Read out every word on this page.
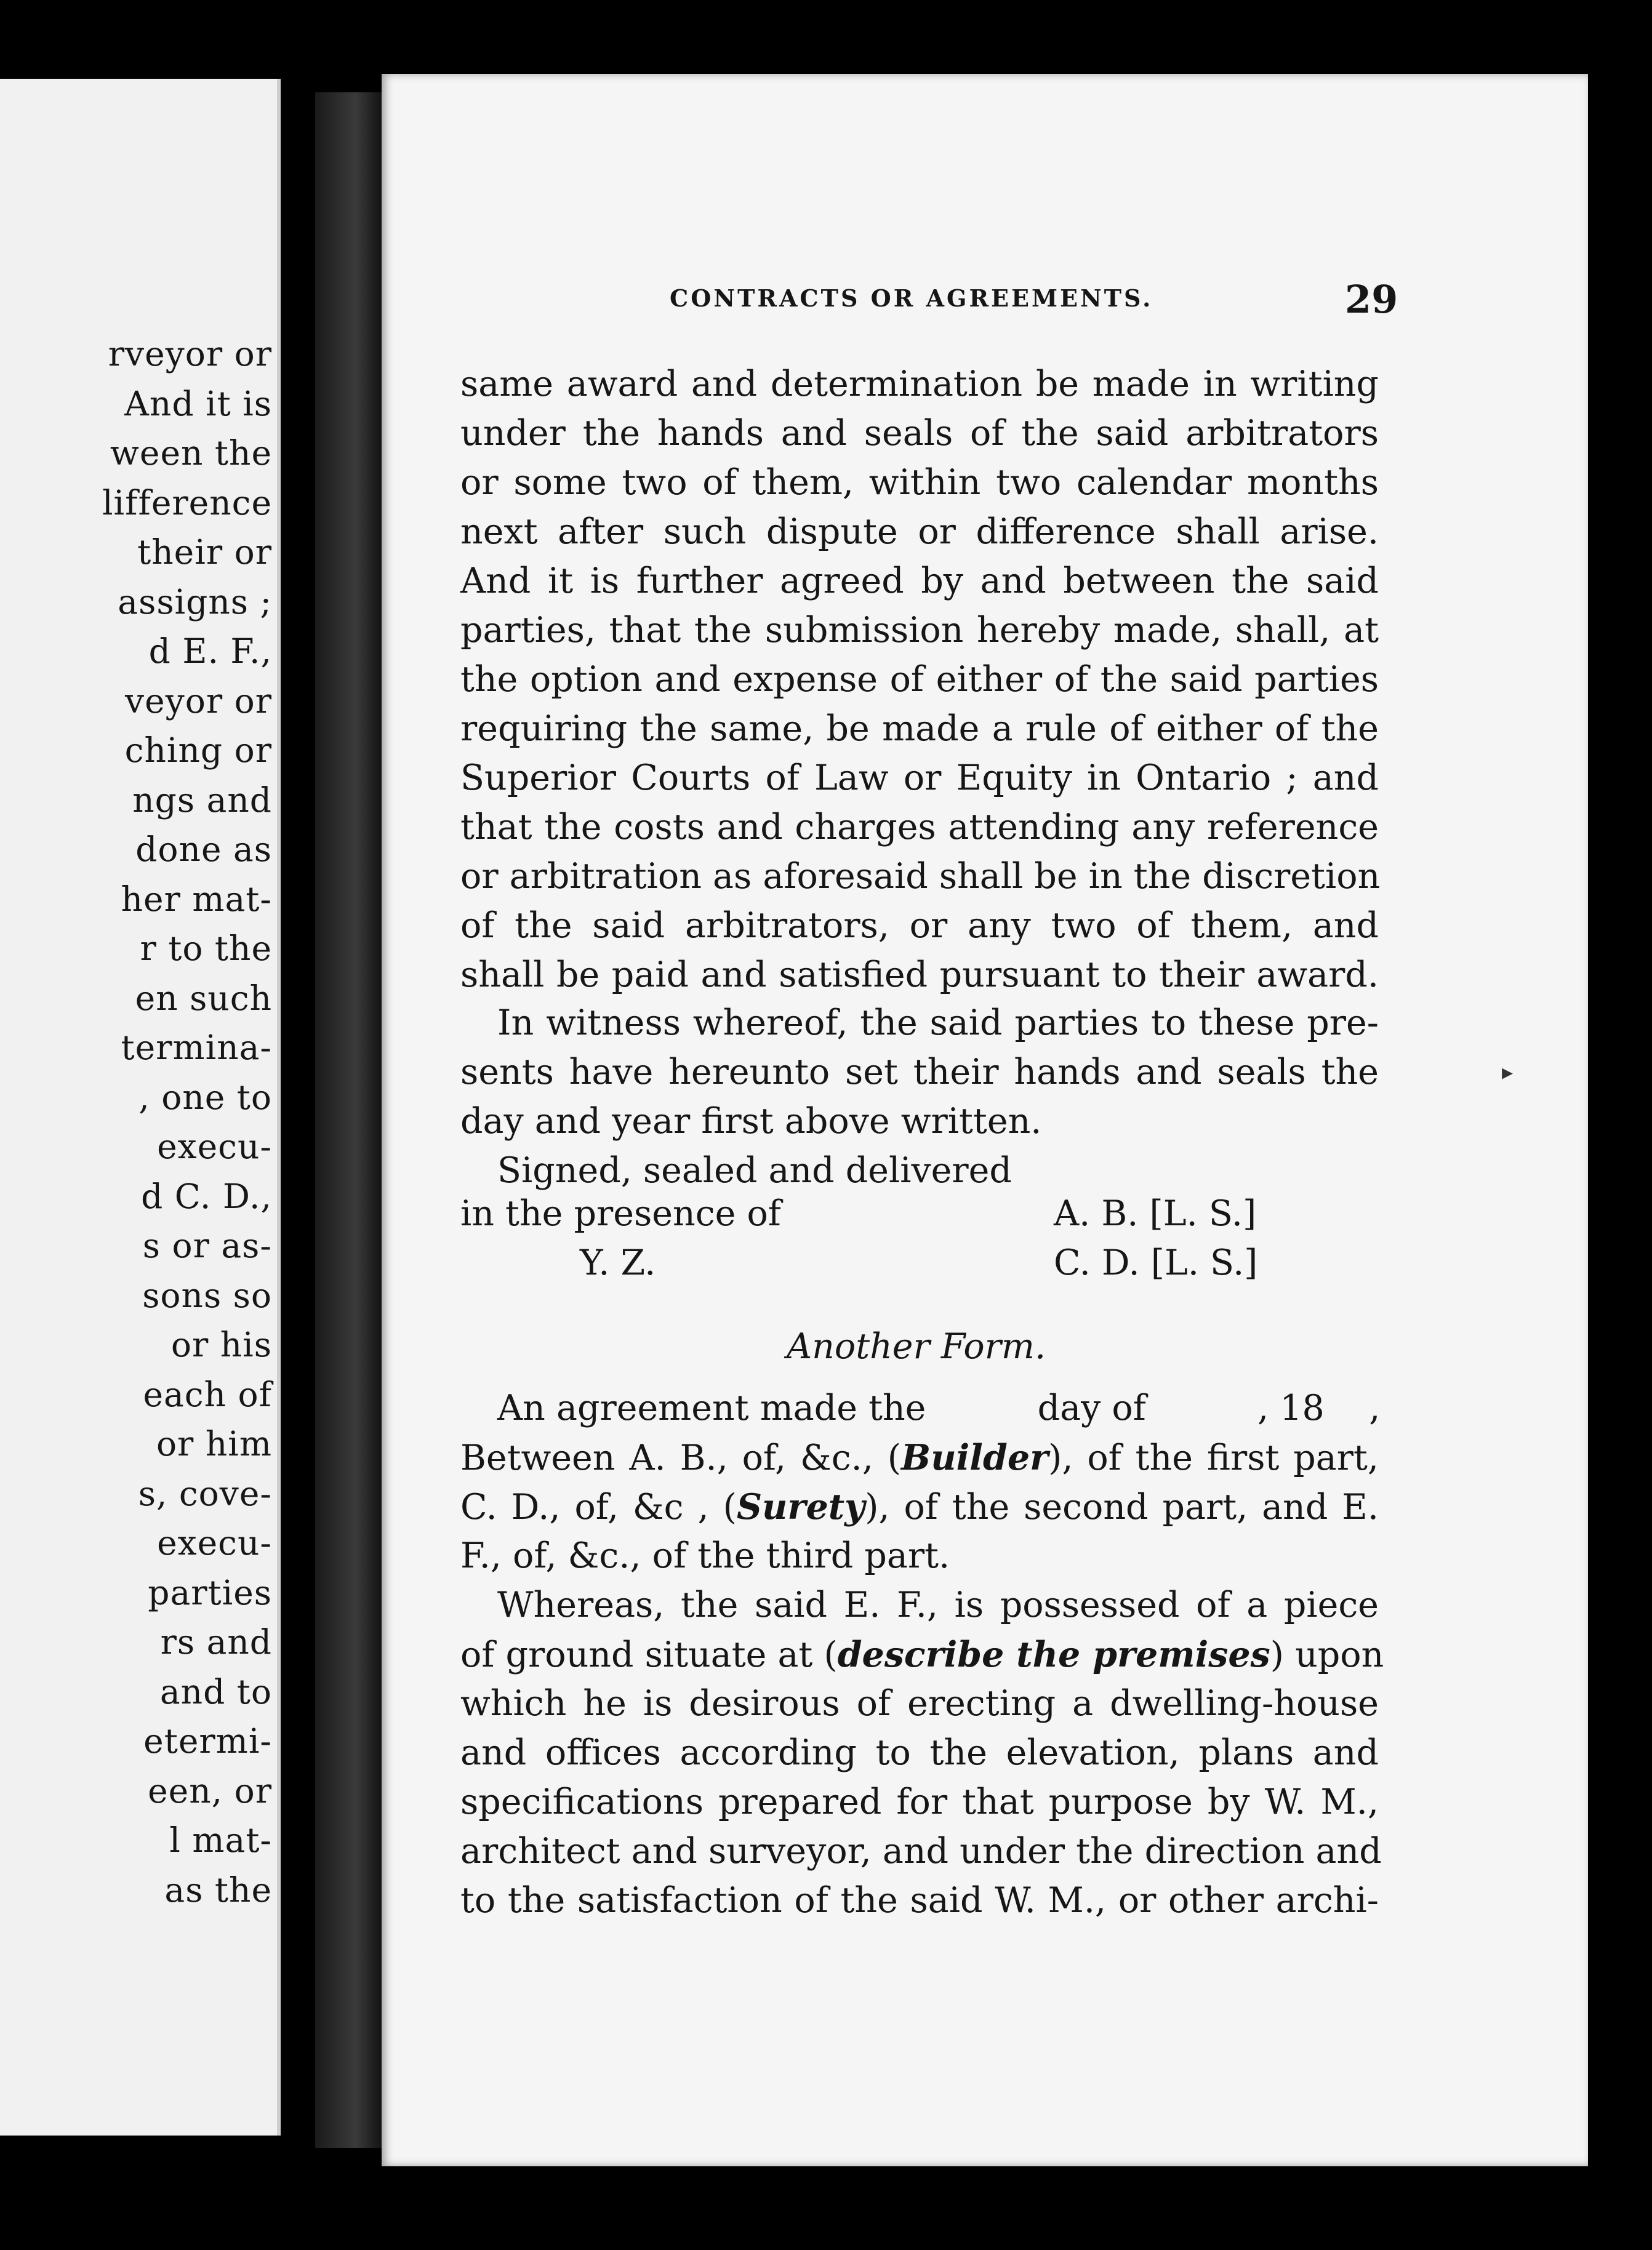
rveyor or
And it is
ween the
lifference
their or
assigns ;
d E. F.,
veyor or
ching or
ngs and
done as
her mat-
r to the
en such
termina-
, one to
execu-
d C. D.,
s or as-
sons so
or his
each of
or him
s, cove-
execu-
parties
rs and
and to
etermi-
een, or
l mat-
as the
CONTRACTS OR AGREEMENTS.	29
same award and determination be made in writing
under the hands and seals of the said arbitrators
or some two of them, within two calendar months
next after such dispute or difference shall arise.
And it is further agreed by and between the said
parties, that the submission hereby made, shall, at
the option and expense of either of the said parties
requiring the same, be made a rule of either of the
Superior Courts of Law or Equity in Ontario ; and
that the costs and charges attending any reference
or arbitration as aforesaid shall be in the discretion
of the said arbitrators, or any two of them, and
shall be paid and satisfied pursuant to their award.
In witness whereof, the said parties to these pre-
sents have hereunto set their hands and seals the
day and year first above written.
Signed, sealed and delivered
in the presence of
Y. Z.
A. B. [L. S.]
C. D. [L. S.]
Another Form.
An agreement made the          day of          , 18    ,
Between A. B., of, &c., (Builder), of the first part,
C. D., of, &c , (Surety), of the second part, and E.
F., of, &c., of the third part.
Whereas, the said E. F., is possessed of a piece
of ground situate at (describe the premises) upon
which he is desirous of erecting a dwelling-house
and offices according to the elevation, plans and
specifications prepared for that purpose by W. M.,
architect and surveyor, and under the direction and
to the satisfaction of the said W. M., or other archi-
▸
